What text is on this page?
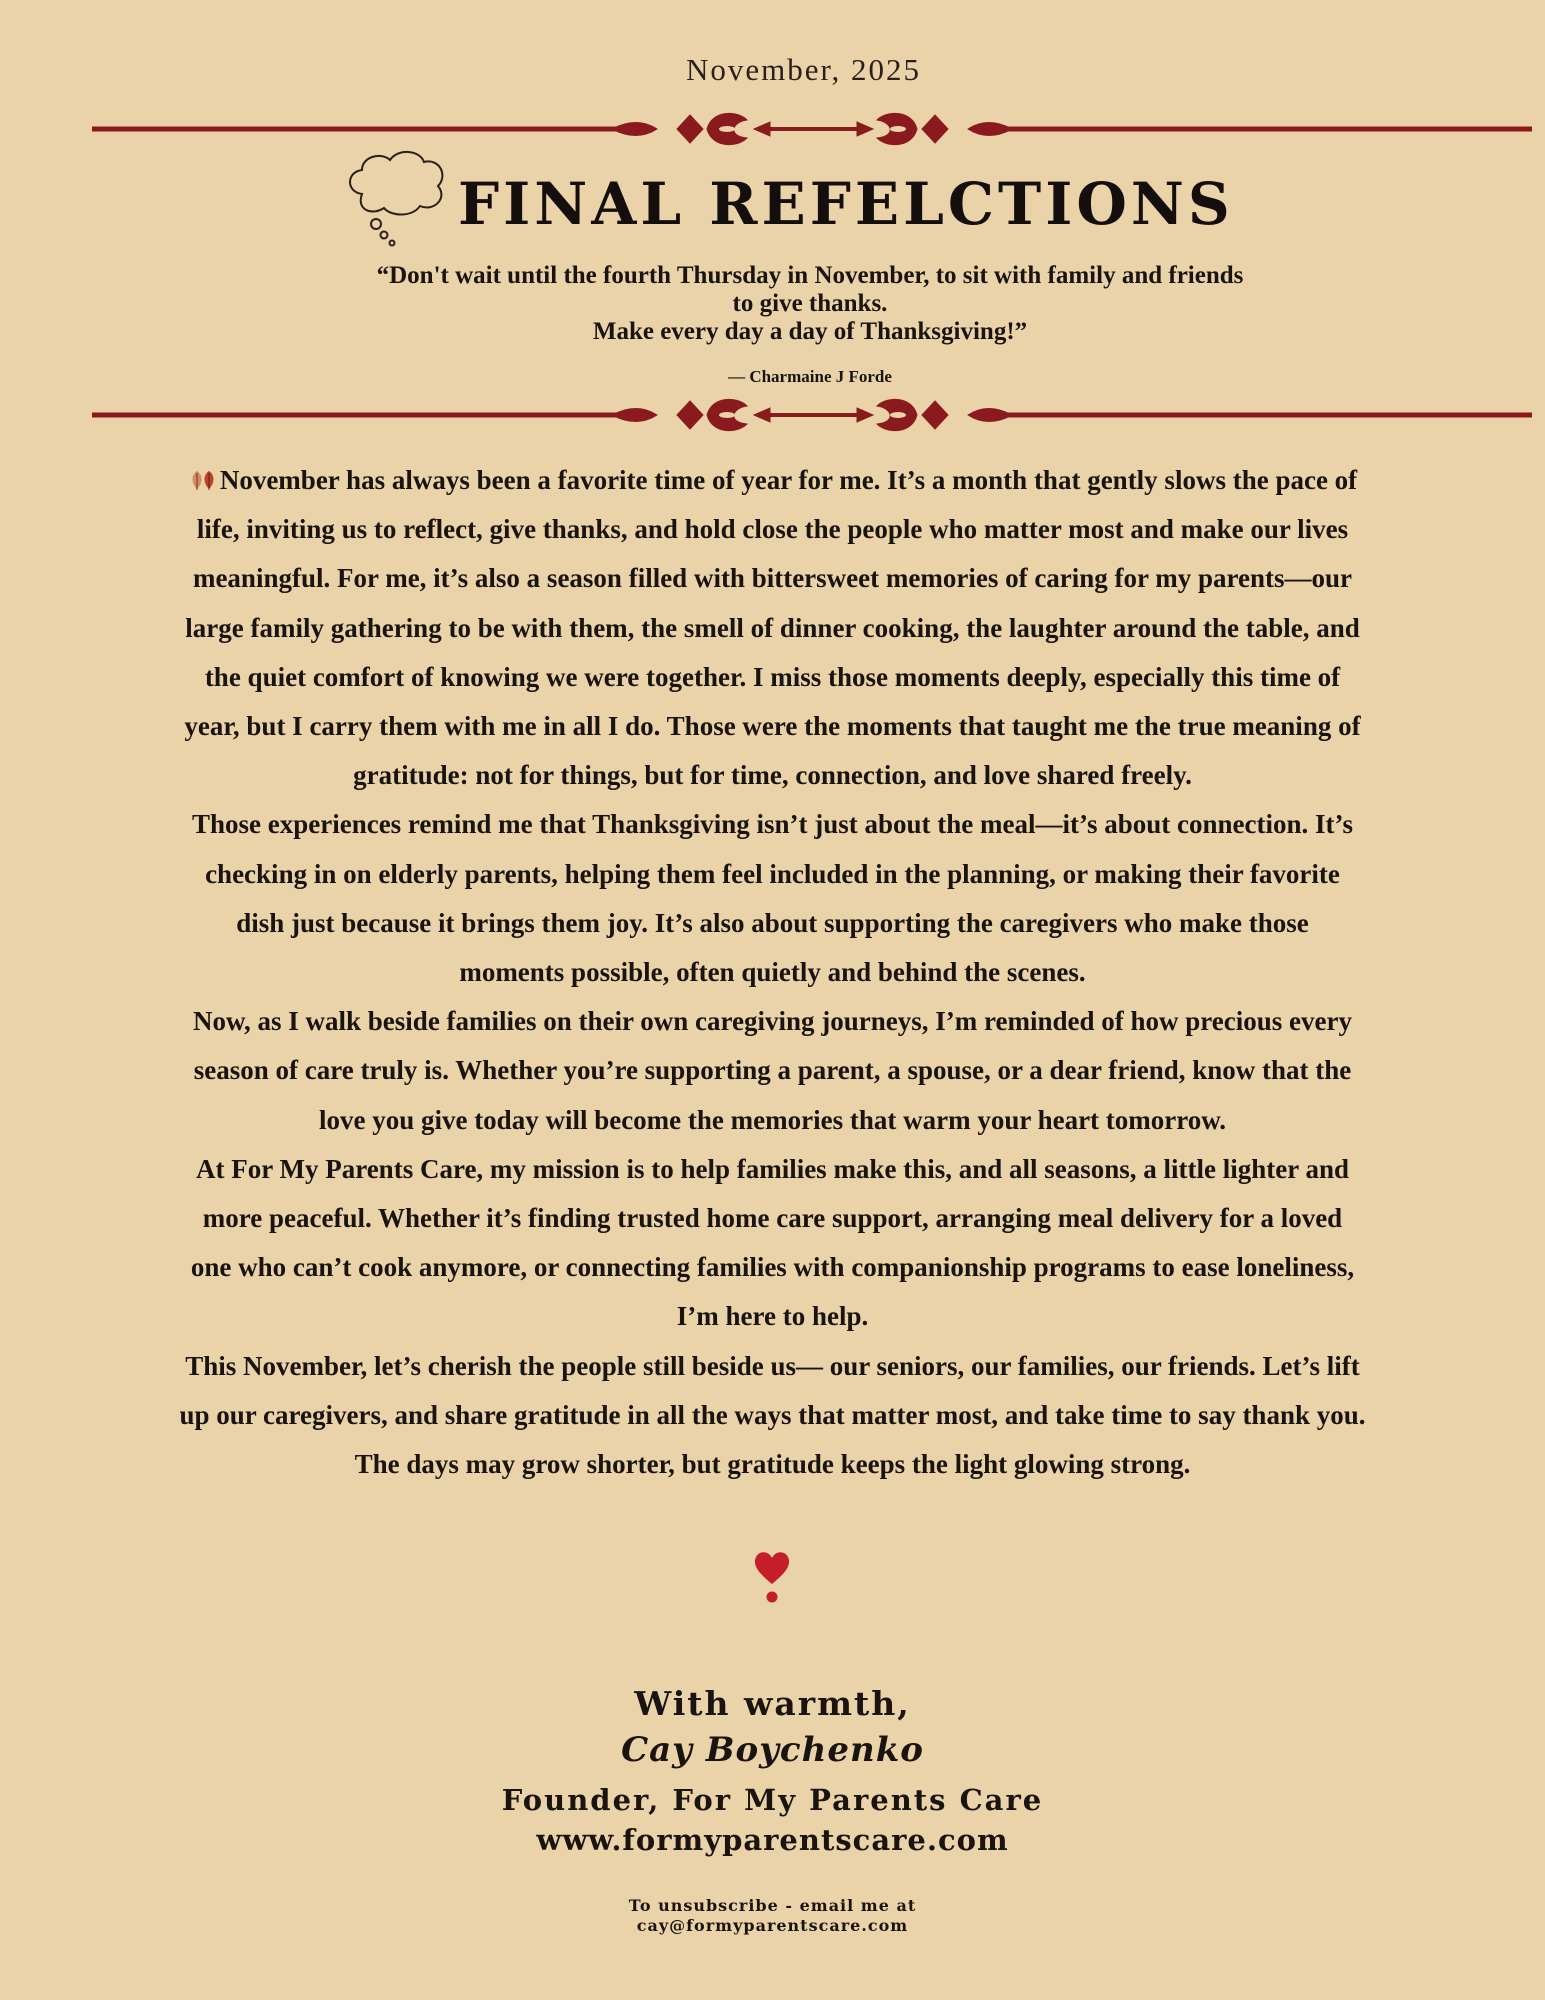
November, 2025
FINAL REFELCTIONS
“Don't wait until the fourth Thursday in November, to sit with family and friends
to give thanks.
Make every day a day of Thanksgiving!”
— Charmaine J Forde
November has always been a favorite time of year for me. It’s a month that gently slows the pace of
life, inviting us to reflect, give thanks, and hold close the people who matter most and make our lives
meaningful. For me, it’s also a season filled with bittersweet memories of caring for my parents—our
large family gathering to be with them, the smell of dinner cooking, the laughter around the table, and
the quiet comfort of knowing we were together. I miss those moments deeply, especially this time of
year, but I carry them with me in all I do. Those were the moments that taught me the true meaning of
gratitude: not for things, but for time, connection, and love shared freely.
Those experiences remind me that Thanksgiving isn’t just about the meal—it’s about connection. It’s
checking in on elderly parents, helping them feel included in the planning, or making their favorite
dish just because it brings them joy. It’s also about supporting the caregivers who make those
moments possible, often quietly and behind the scenes.
Now, as I walk beside families on their own caregiving journeys, I’m reminded of how precious every
season of care truly is. Whether you’re supporting a parent, a spouse, or a dear friend, know that the
love you give today will become the memories that warm your heart tomorrow.
At For My Parents Care, my mission is to help families make this, and all seasons, a little lighter and
more peaceful. Whether it’s finding trusted home care support, arranging meal delivery for a loved
one who can’t cook anymore, or connecting families with companionship programs to ease loneliness,
I’m here to help.
This November, let’s cherish the people still beside us— our seniors, our families, our friends. Let’s lift
up our caregivers, and share gratitude in all the ways that matter most, and take time to say thank you.
The days may grow shorter, but gratitude keeps the light glowing strong.
With warmth,
Cay Boychenko
Founder, For My Parents Care
www.formyparentscare.com
To unsubscribe - email me at
cay@formyparentscare.com
